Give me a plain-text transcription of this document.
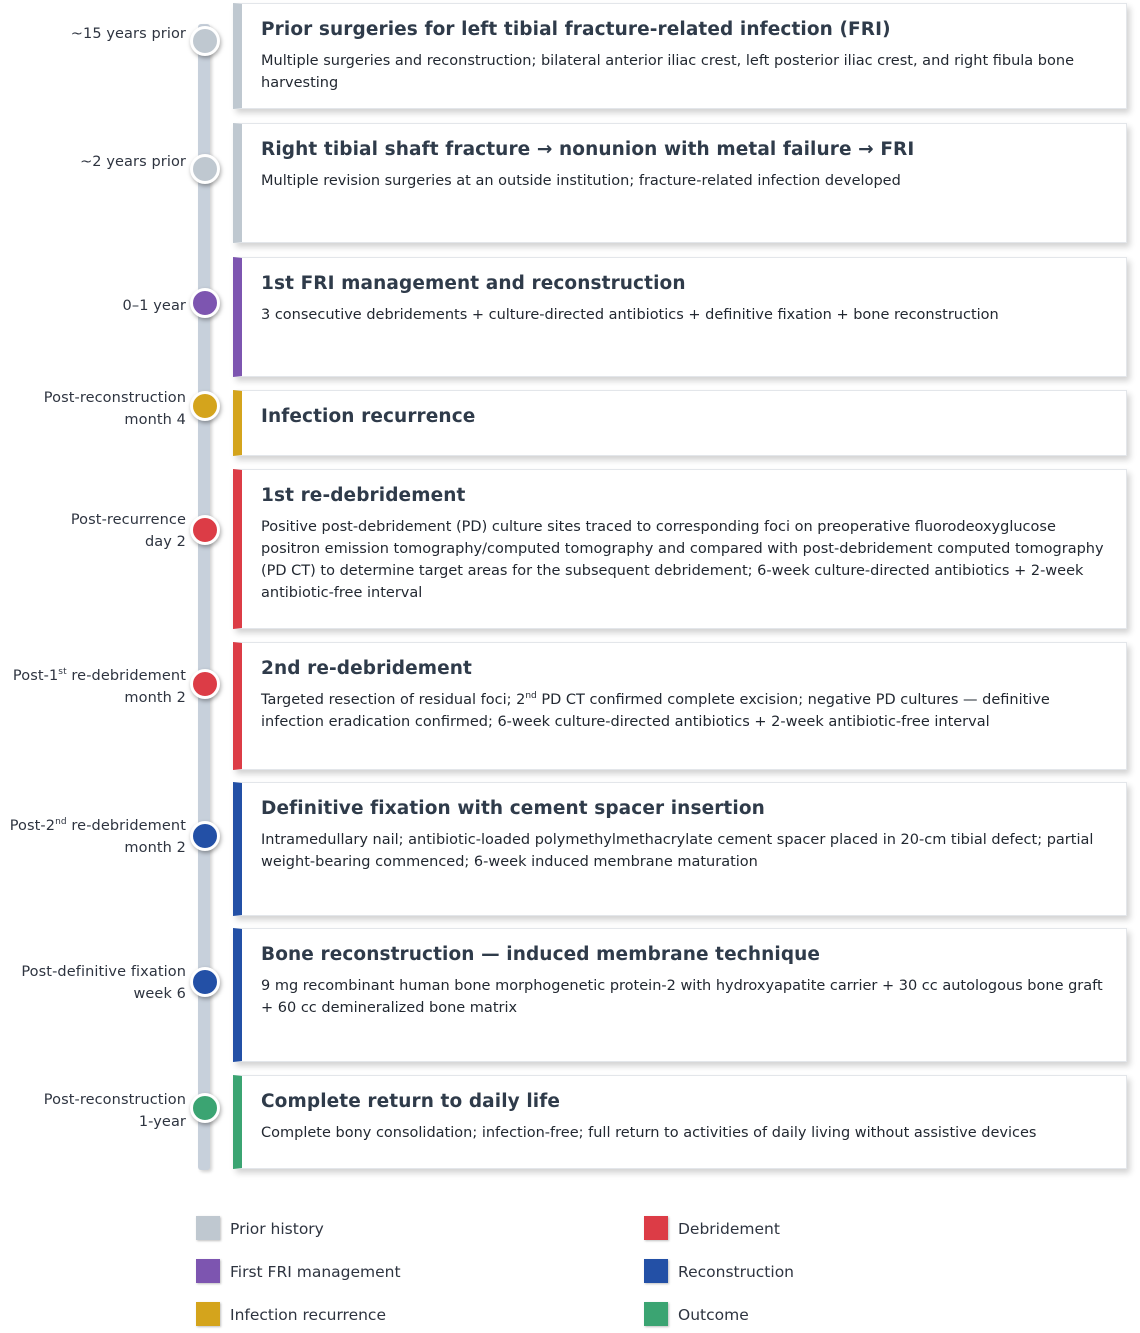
~15 years prior	Prior surgeries for left tibial fracture-related infection (FRI)
Multiple surgeries and reconstruction; bilateral anterior iliac crest, left posterior iliac crest, and right fibula bone harvesting
~2 years prior
Right tibial shaft fracture → nonunion with metal failure → FRI
Multiple revision surgeries at an outside institution; fracture-related infection developed
0–1 year
1st FRI management and reconstruction
3 consecutive debridements + culture-directed antibiotics + definitive fixation + bone reconstruction
Post-reconstruction month 4	Infection recurrence
Post-recurrence day 2
1st re-debridement
Positive post-debridement (PD) culture sites traced to corresponding foci on preoperative fluorodeoxyglucose positron emission tomography/computed tomography and compared with post-debridement computed tomography (PD CT) to determine target areas for the subsequent debridement; 6-week culture-directed antibiotics + 2-week antibiotic-free interval
Post-1st re-debridement month 2
2nd re-debridement
Targeted resection of residual foci; 2nd PD CT confirmed complete excision; negative PD cultures — definitive infection eradication confirmed; 6-week culture-directed antibiotics + 2-week antibiotic-free interval
Post-2nd re-debridement month 2
Definitive fixation with cement spacer insertion
Intramedullary nail; antibiotic-loaded polymethylmethacrylate cement spacer placed in 20-cm tibial defect; partial weight-bearing commenced; 6-week induced membrane maturation
Post-definitive fixation week 6
Bone reconstruction — induced membrane technique
9 mg recombinant human bone morphogenetic protein-2 with hydroxyapatite carrier + 30 cc autologous bone graft + 60 cc demineralized bone matrix
Post-reconstruction 1-year
Complete return to daily life
Complete bony consolidation; infection-free; full return to activities of daily living without assistive devices
Prior history
First FRI management
Infection recurrence
Debridement
Reconstruction
Outcome
